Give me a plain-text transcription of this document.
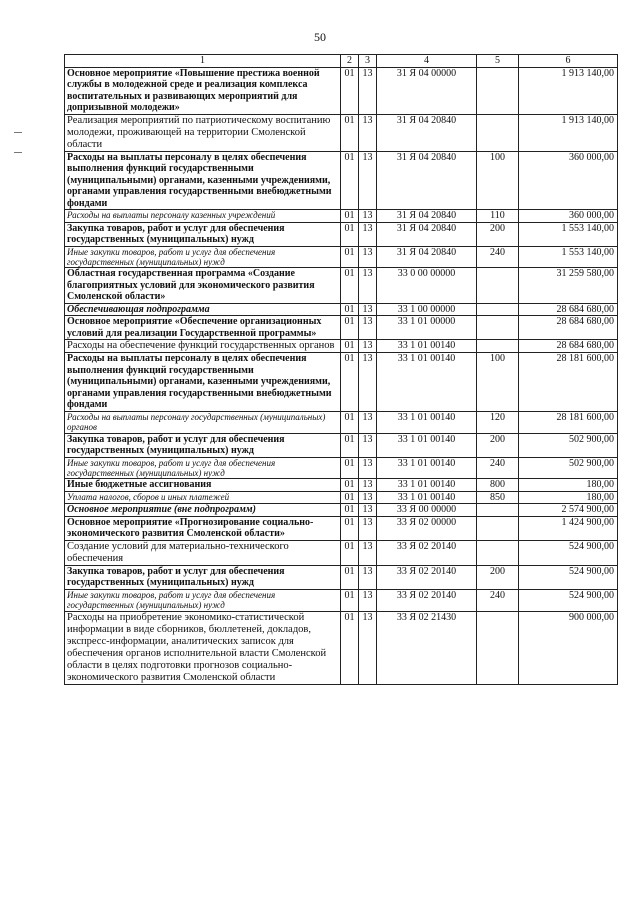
50
1	2	3	4	5	6
Основное мероприятие «Повышение престижа военной службы в молодежной среде и реализация комплекса воспитательных и развивающих мероприятий для допризывной молодежи»	01	13	31 Я 04 00000		1 913 140,00
Реализация мероприятий по патриотическому воспитанию молодежи, проживающей на территории Смоленской области	01	13	31 Я 04 20840		1 913 140,00
Расходы на выплаты персоналу в целях обеспечения выполнения функций государственными (муниципальными) органами, казенными учреждениями, органами управления государственными внебюджетными фондами	01	13	31 Я 04 20840	100	360 000,00
Расходы на выплаты персоналу казенных учреждений	01	13	31 Я 04 20840	110	360 000,00
Закупка товаров, работ и услуг для обеспечения государственных (муниципальных) нужд	01	13	31 Я 04 20840	200	1 553 140,00
Иные закупки товаров, работ и услуг для обеспечения государственных (муниципальных) нужд	01	13	31 Я 04 20840	240	1 553 140,00
Областная государственная программа «Создание благоприятных условий для экономического развития Смоленской области»	01	13	33 0 00 00000		31 259 580,00
Обеспечивающая подпрограмма	01	13	33 1 00 00000		28 684 680,00
Основное мероприятие «Обеспечение организационных условий для реализации Государственной программы»	01	13	33 1 01 00000		28 684 680,00
Расходы на обеспечение функций государственных органов	01	13	33 1 01 00140		28 684 680,00
Расходы на выплаты персоналу в целях обеспечения выполнения функций государственными (муниципальными) органами, казенными учреждениями, органами управления государственными внебюджетными фондами	01	13	33 1 01 00140	100	28 181 600,00
Расходы на выплаты персоналу государственных (муниципальных) органов	01	13	33 1 01 00140	120	28 181 600,00
Закупка товаров, работ и услуг для обеспечения государственных (муниципальных) нужд	01	13	33 1 01 00140	200	502 900,00
Иные закупки товаров, работ и услуг для обеспечения государственных (муниципальных) нужд	01	13	33 1 01 00140	240	502 900,00
Иные бюджетные ассигнования	01	13	33 1 01 00140	800	180,00
Уплата налогов, сборов и иных платежей	01	13	33 1 01 00140	850	180,00
Основное мероприятие (вне подпрограмм)	01	13	33 Я 00 00000		2 574 900,00
Основное мероприятие «Прогнозирование социально-экономического развития Смоленской области»	01	13	33 Я 02 00000		1 424 900,00
Создание условий для материально-технического обеспечения	01	13	33 Я 02 20140		524 900,00
Закупка товаров, работ и услуг для обеспечения государственных (муниципальных) нужд	01	13	33 Я 02 20140	200	524 900,00
Иные закупки товаров, работ и услуг для обеспечения государственных (муниципальных) нужд	01	13	33 Я 02 20140	240	524 900,00
Расходы на приобретение экономико-статистической информации в виде сборников, бюллетеней, докладов, экспресс-информации, аналитических записок для обеспечения органов исполнительной власти Смоленской области в целях подготовки прогнозов социально-экономического развития Смоленской области	01	13	33 Я 02 21430		900 000,00
